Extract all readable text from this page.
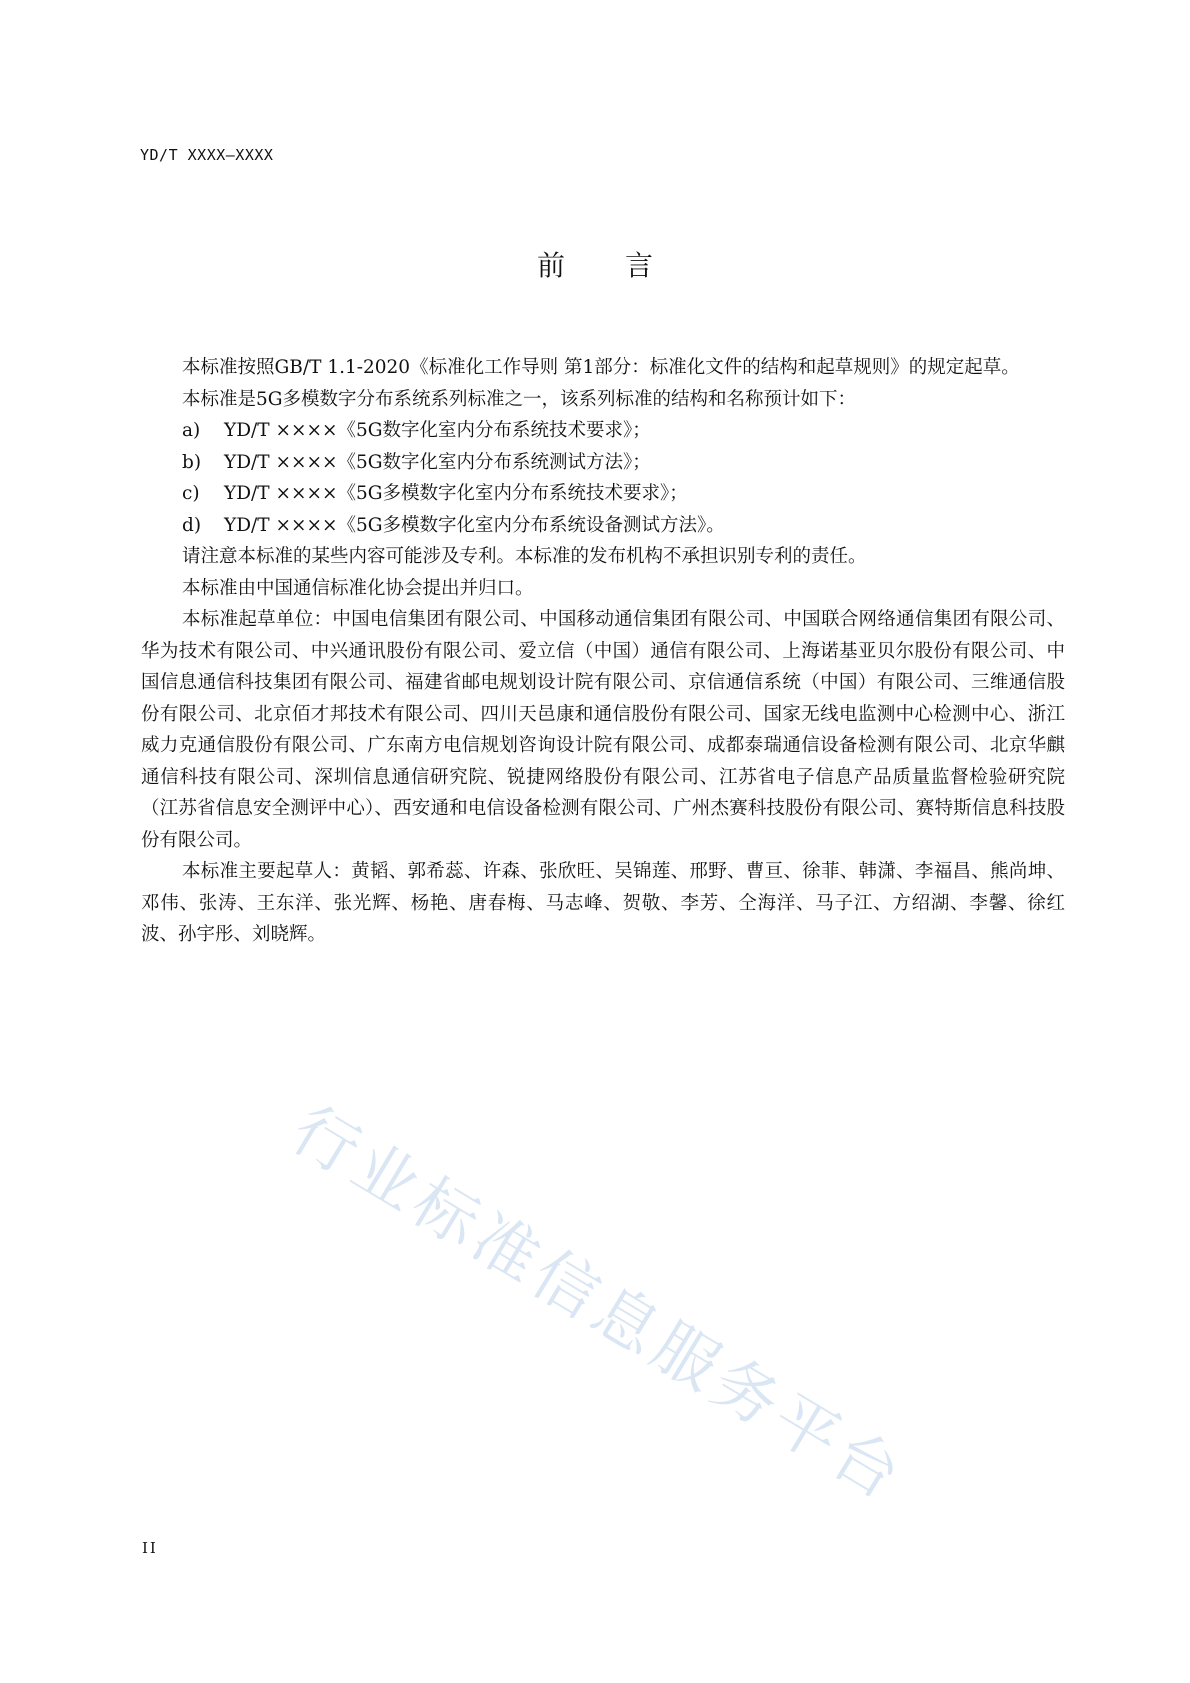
YD/T XXXX—XXXX
前言

本标准按照GB/T 1.1-2020《标准化工作导则 第1部分：标准化文件的结构和起草规则》的规定起草。

本标准是5G多模数字分布系统系列标准之一，该系列标准的结构和名称预计如下：

a)	YD/T ××××《5G数字化室内分布系统技术要求》；
b)	YD/T ××××《5G数字化室内分布系统测试方法》；
c)	YD/T ××××《5G多模数字化室内分布系统技术要求》；
d)	YD/T ××××《5G多模数字化室内分布系统设备测试方法》。

请注意本标准的某些内容可能涉及专利。本标准的发布机构不承担识别专利的责任。

本标准由中国通信标准化协会提出并归口。

本标准起草单位：中国电信集团有限公司、中国移动通信集团有限公司、中国联合网络通信集团有限公司、华为技术有限公司、中兴通讯股份有限公司、爱立信（中国）通信有限公司、上海诺基亚贝尔股份有限公司、中国信息通信科技集团有限公司、福建省邮电规划设计院有限公司、京信通信系统（中国）有限公司、三维通信股份有限公司、北京佰才邦技术有限公司、四川天邑康和通信股份有限公司、国家无线电监测中心检测中心、浙江威力克通信股份有限公司、广东南方电信规划咨询设计院有限公司、成都泰瑞通信设备检测有限公司、北京华麒通信科技有限公司、深圳信息通信研究院、锐捷网络股份有限公司、江苏省电子信息产品质量监督检验研究院（江苏省信息安全测评中心）、西安通和电信设备检测有限公司、广州杰赛科技股份有限公司、赛特斯信息科技股份有限公司。

本标准主要起草人：黄韬、郭希蕊、许森、张欣旺、吴锦莲、邢野、曹亘、徐菲、韩潇、李福昌、熊尚坤、邓伟、张涛、王东洋、张光辉、杨艳、唐春梅、马志峰、贺敬、李芳、仝海洋、马子江、方绍湖、李馨、徐红波、孙宇彤、刘晓辉。

行业标准信息服务平台
II
